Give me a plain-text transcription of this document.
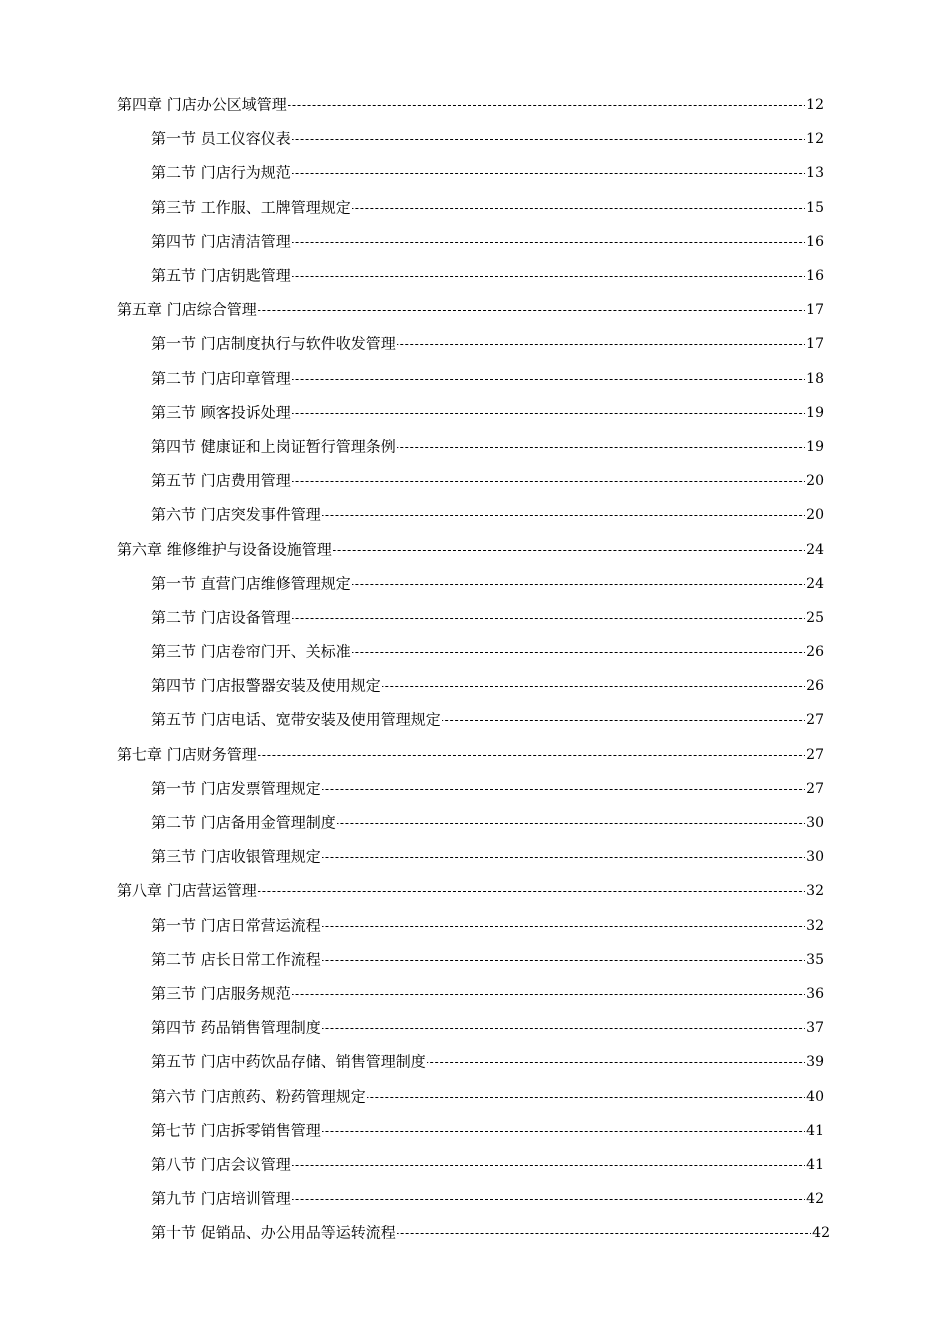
第四章 门店办公区域管理	12
第一节 员工仪容仪表	12
第二节 门店行为规范	13
第三节 工作服、工牌管理规定	15
第四节 门店清洁管理	16
第五节 门店钥匙管理	16
第五章 门店综合管理	17
第一节 门店制度执行与软件收发管理	17
第二节 门店印章管理	18
第三节 顾客投诉处理	19
第四节 健康证和上岗证暂行管理条例	19
第五节 门店费用管理	20
第六节 门店突发事件管理	20
第六章 维修维护与设备设施管理	24
第一节 直营门店维修管理规定	24
第二节 门店设备管理	25
第三节 门店卷帘门开、关标准	26
第四节 门店报警器安装及使用规定	26
第五节 门店电话、宽带安装及使用管理规定	27
第七章 门店财务管理	27
第一节 门店发票管理规定	27
第二节 门店备用金管理制度	30
第三节 门店收银管理规定	30
第八章 门店营运管理	32
第一节 门店日常营运流程	32
第二节 店长日常工作流程	35
第三节 门店服务规范	36
第四节 药品销售管理制度	37
第五节 门店中药饮品存储、销售管理制度	39
第六节 门店煎药、粉药管理规定	40
第七节 门店拆零销售管理	41
第八节 门店会议管理	41
第九节 门店培训管理	42
第十节 促销品、办公用品等运转流程	42
